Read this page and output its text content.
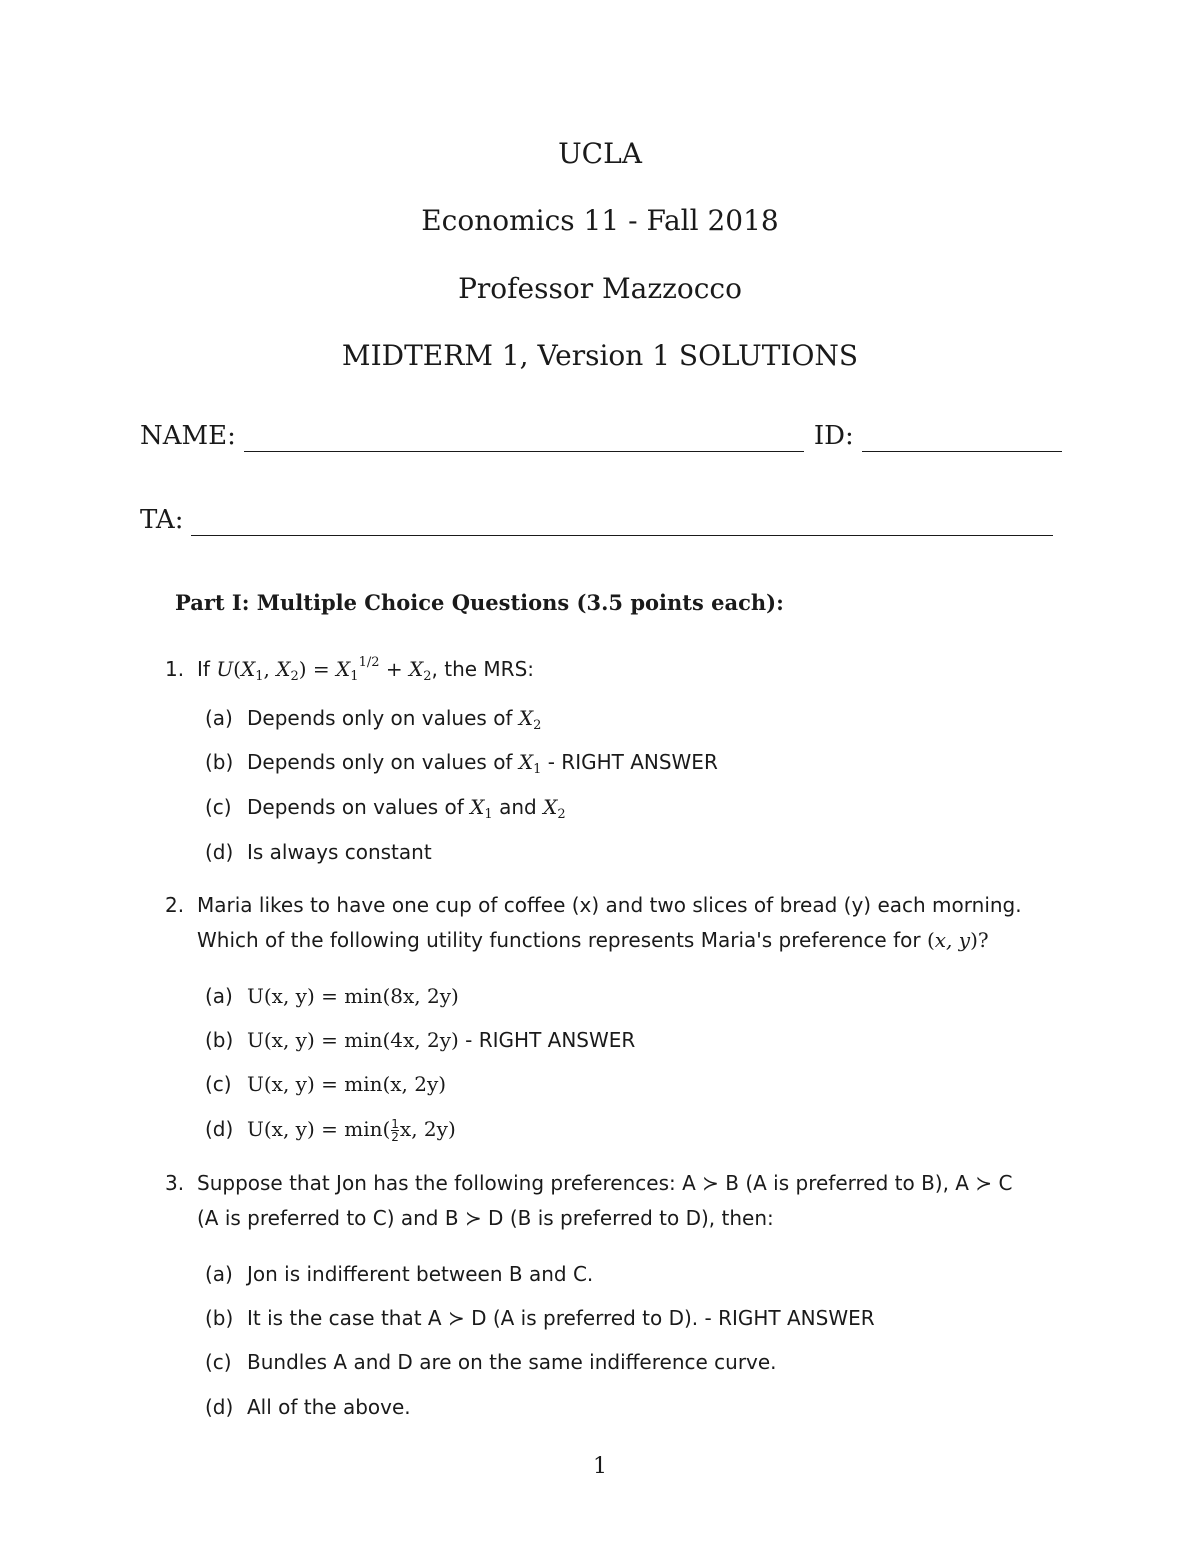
UCLA
Economics 11 - Fall 2018
Professor Mazzocco
MIDTERM 1, Version 1 SOLUTIONS
NAME:	ID:
TA:
Part I: Multiple Choice Questions (3.5 points each):
1. If $U(X_1$, $X_2) = X_1^{1/2} + X_2$, the MRS:
(a) Depends only on values of $X_2$
(b) Depends only on values of $X_1$ - RIGHT ANSWER
(c) Depends on values of $X_1$ and $X_2$
(d) Is always constant
2. Maria likes to have one cup of coffee (x) and two slices of bread (y) each morning.
Which of the following utility functions represents Maria's preference for (x, y)?
(a) U(x, y) = min(8x, 2y)
(b) U(x, y) = min(4x, 2y) - RIGHT ANSWER
(c) U(x, y) = min(x, 2y)
(d) U(x, $y) = \min( \frac{1}{2} x$, 2y)
3. Suppose that Jon has the following preferences: A ≻ B (A is preferred to B), A ≻ C
(A is preferred to C) and B ≻ D (B is preferred to D), then:
(a) Jon is indifferent between B and C.
(b) It is the case that A ≻ D (A is preferred to D). - RIGHT ANSWER
(c) Bundles A and D are on the same indifference curve.
(d) All of the above.
1
